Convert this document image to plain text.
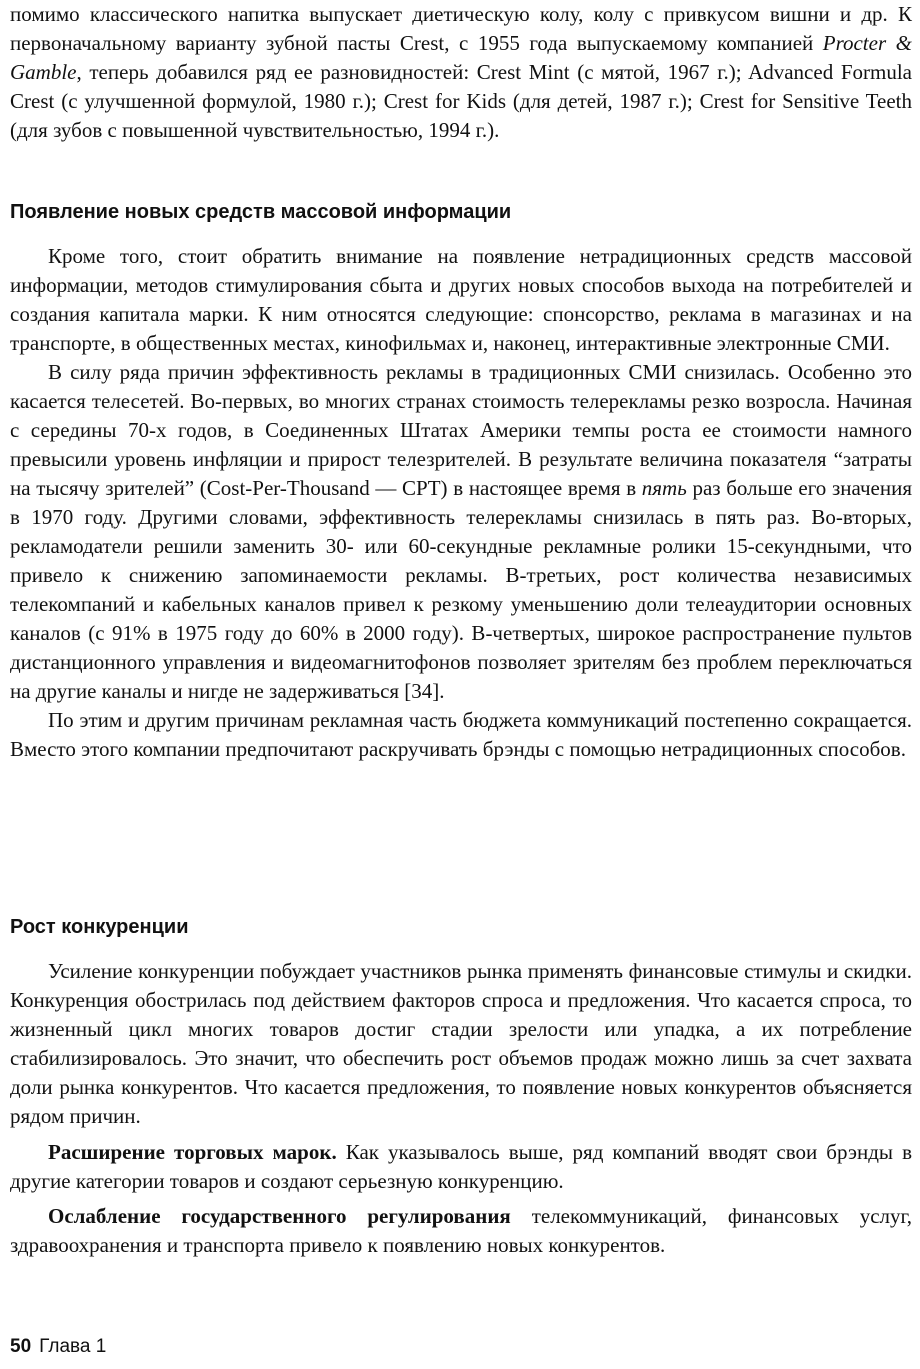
помимо классического напитка выпускает диетическую колу, колу с привкусом вишни и др. К первоначальному варианту зубной пасты Crest, с 1955 года выпускаемому компанией Procter & Gamble, теперь добавился ряд ее разновидностей: Crest Mint (с мятой, 1967 г.); Advanced Formula Crest (с улучшенной формулой, 1980 г.); Crest for Kids (для детей, 1987 г.); Crest for Sensitive Teeth (для зубов с повышенной чувствительностью, 1994 г.).

Появление новых средств массовой информации

Кроме того, стоит обратить внимание на появление нетрадиционных средств массовой информации, методов стимулирования сбыта и других новых способов выхода на потребителей и создания капитала марки. К ним относятся следующие: спонсорство, реклама в магазинах и на транспорте, в общественных местах, кинофильмах и, наконец, интерактивные электронные СМИ.

В силу ряда причин эффективность рекламы в традиционных СМИ снизилась. Особенно это касается телесетей. Во-первых, во многих странах стоимость телерекламы резко возросла. Начиная с середины 70-х годов, в Соединенных Штатах Америки темпы роста ее стоимости намного превысили уровень инфляции и прирост телезрителей. В результате величина показателя “затраты на тысячу зрителей” (Cost-Per-Thousand — CPT) в настоящее время в пять раз больше его значения в 1970 году. Другими словами, эффективность телерекламы снизилась в пять раз. Во-вторых, рекламодатели решили заменить 30- или 60-секундные рекламные ролики 15-секундными, что привело к снижению запоминаемости рекламы. В-третьих, рост количества независимых телекомпаний и кабельных каналов привел к резкому уменьшению доли телеаудитории основных каналов (с 91% в 1975 году до 60% в 2000 году). В-четвертых, широкое распространение пультов дистанционного управления и видеомагнитофонов позволяет зрителям без проблем переключаться на другие каналы и нигде не задерживаться [34].

По этим и другим причинам рекламная часть бюджета коммуникаций постепенно сокращается. Вместо этого компании предпочитают раскручивать брэнды с помощью нетрадиционных способов.

Рост конкуренции

Усиление конкуренции побуждает участников рынка применять финансовые стимулы и скидки. Конкуренция обострилась под действием факторов спроса и предложения. Что касается спроса, то жизненный цикл многих товаров достиг стадии зрелости или упадка, а их потребление стабилизировалось. Это значит, что обеспечить рост объемов продаж можно лишь за счет захвата доли рынка конкурентов. Что касается предложения, то появление новых конкурентов объясняется рядом причин.

Расширение торговых марок. Как указывалось выше, ряд компаний вводят свои брэнды в другие категории товаров и создают серьезную конкуренцию.

Ослабление государственного регулирования телекоммуникаций, финансовых услуг, здравоохранения и транспорта привело к появлению новых конкурентов.

50 Глава 1
